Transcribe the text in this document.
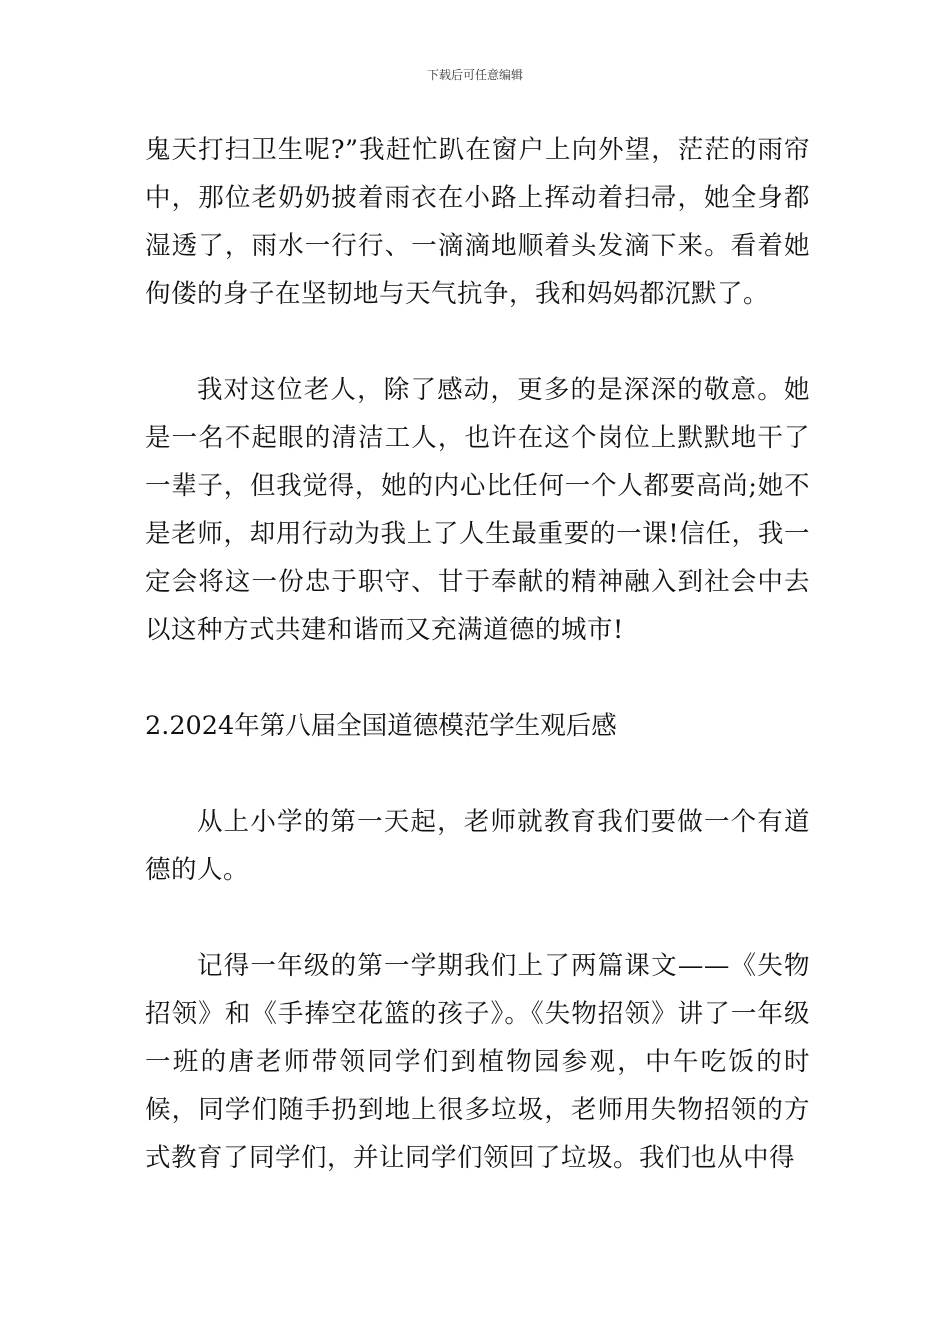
下载后可任意编辑

鬼天打扫卫生呢?”我赶忙趴在窗户上向外望，茫茫的雨帘中，那位老奶奶披着雨衣在小路上挥动着扫帚，她全身都湿透了，雨水一行行、一滴滴地顺着头发滴下来。看着她佝偻的身子在坚韧地与天气抗争，我和妈妈都沉默了。

我对这位老人，除了感动，更多的是深深的敬意。她是一名不起眼的清洁工人，也许在这个岗位上默默地干了一辈子，但我觉得，她的内心比任何一个人都要高尚;她不是老师，却用行动为我上了人生最重要的一课!信任，我一定会将这一份忠于职守、甘于奉献的精神融入到社会中去以这种方式共建和谐而又充满道德的城市!

2.2024年第八届全国道德模范学生观后感

从上小学的第一天起，老师就教育我们要做一个有道德的人。

记得一年级的第一学期我们上了两篇课文——《失物招领》和《手捧空花篮的孩子》。《失物招领》讲了一年级一班的唐老师带领同学们到植物园参观，中午吃饭的时候，同学们随手扔到地上很多垃圾，老师用失物招领的方式教育了同学们，并让同学们领回了垃圾。我们也从中得
